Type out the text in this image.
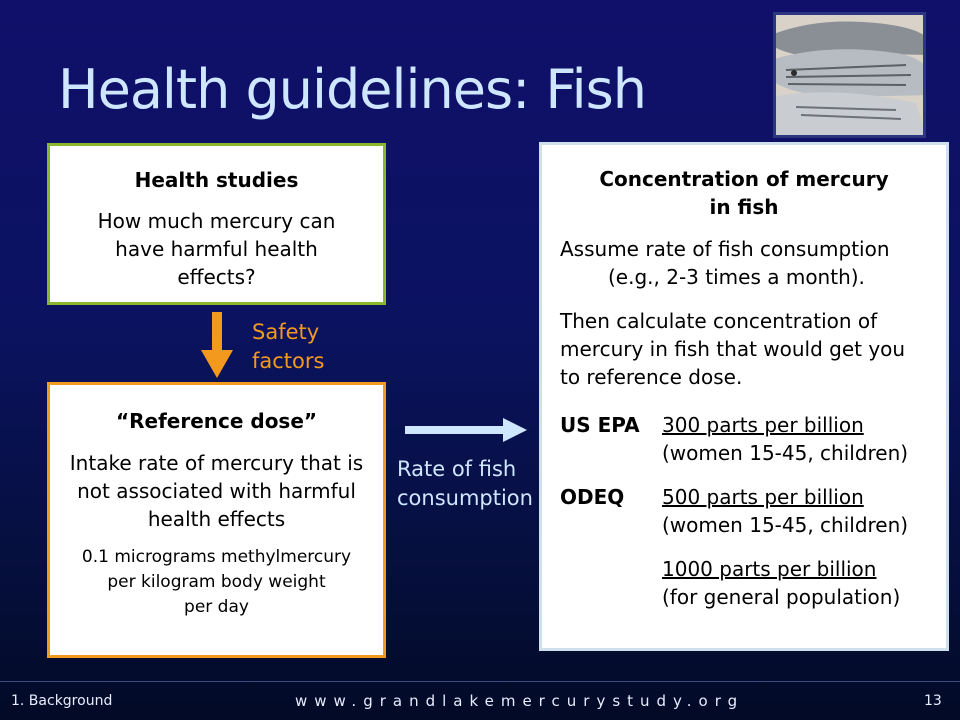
Health guidelines: Fish
Health studies
How much mercury can
have harmful health
effects?
Safety
factors
“Reference dose”
Intake rate of mercury that is
not associated with harmful
health effects
0.1 micrograms methylmercury
per kilogram body weight
per day
Rate of fish
consumption
Concentration of mercury
in fish
Assume rate of fish consumption
(e.g., 2-3 times a month).
Then calculate concentration of
mercury in fish that would get you
to reference dose.
US EPA 300 parts per billion
(women 15-45, children)
ODEQ 500 parts per billion
(women 15-45, children)
1000 parts per billion
(for general population)
1. Background	www.grandlakemercurystudy.org	13
